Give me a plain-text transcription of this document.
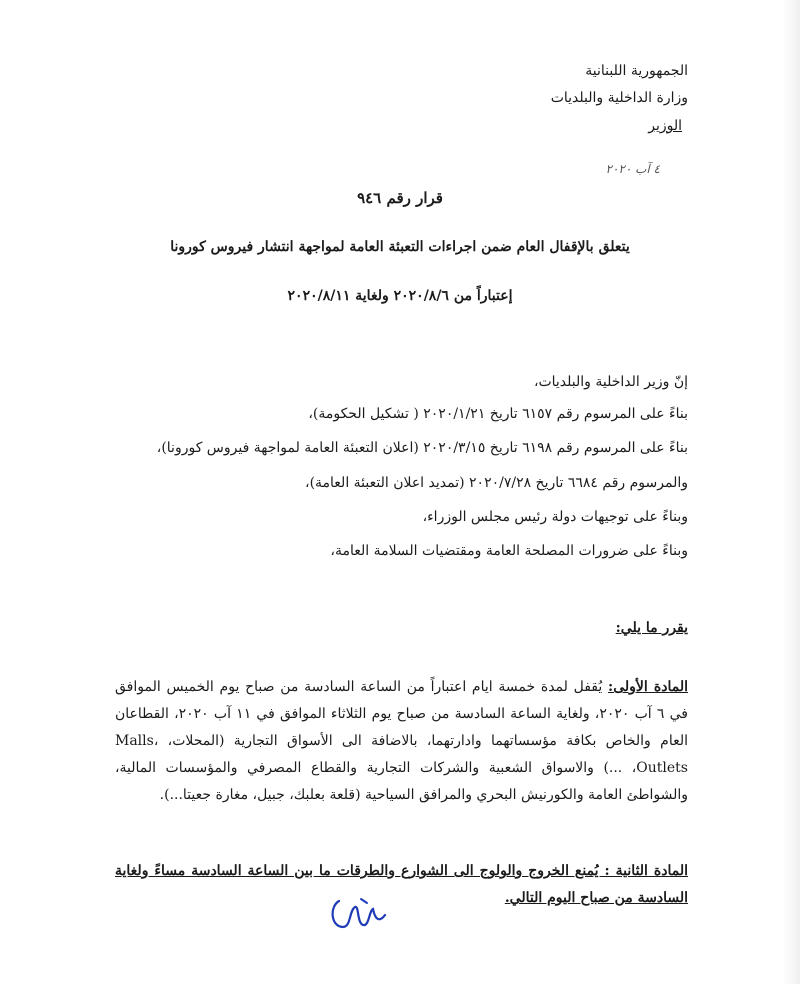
الجمهورية اللبنانية
وزارة الداخلية والبلديات
الوزير
٤ آب ٢٠٢٠
قرار رقم ٩٤٦
يتعلق بالإقفال العام ضمن اجراءات التعبئة العامة لمواجهة انتشار فيروس كورونا
إعتباراً من ٢٠٢٠/٨/٦ ولغاية ٢٠٢٠/٨/١١
إنّ وزير الداخلية والبلديات،
بناءً على المرسوم رقم ٦١٥٧ تاريخ ٢٠٢٠/١/٢١ ( تشكيل الحكومة)،
بناءً على المرسوم رقم ٦١٩٨ تاريخ ٢٠٢٠/٣/١٥ (اعلان التعبئة العامة لمواجهة فيروس كورونا)،
والمرسوم رقم ٦٦٨٤ تاريخ ٢٠٢٠/٧/٢٨ (تمديد اعلان التعبئة العامة)،
وبناءً على توجيهات دولة رئيس مجلس الوزراء،
وبناءً على ضرورات المصلحة العامة ومقتضيات السلامة العامة،
يقرر ما يلي:
المادة الأولى: يُقفل لمدة خمسة ايام اعتباراً من الساعة السادسة من صباح يوم الخميس الموافق في ٦ آب ٢٠٢٠، ولغاية الساعة السادسة من صباح يوم الثلاثاء الموافق في ١١ آب ٢٠٢٠، القطاعان العام والخاص بكافة مؤسساتهما وادارتهما، بالاضافة الى الأسواق التجارية (المحلات، Malls، Outlets، ...) والاسواق الشعبية والشركات التجارية والقطاع المصرفي والمؤسسات المالية، والشواطئ العامة والكورنيش البحري والمرافق السياحية (قلعة بعلبك، جبيل، مغارة جعيتا...).
المادة الثانية : يُمنع الخروج والولوج الى الشوارع والطرقات ما بين الساعة السادسة مساءً ولغاية السادسة من صباح اليوم التالي.
